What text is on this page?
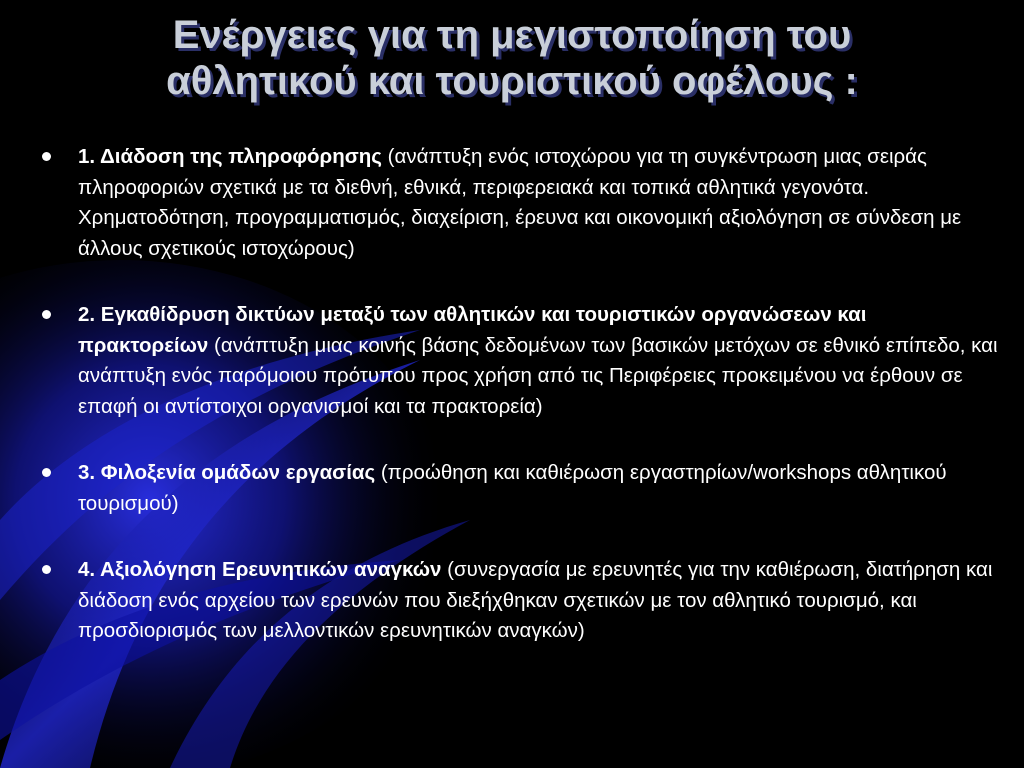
Ενέργειες για τη μεγιστοποίηση του
αθλητικού και τουριστικού οφέλους :
1. Διάδοση της πληροφόρησης (ανάπτυξη ενός ιστοχώρου για τη συγκέντρωση μιας σειράς πληροφοριών σχετικά με τα διεθνή, εθνικά, περιφερειακά και τοπικά αθλητικά γεγονότα. Χρηματοδότηση, προγραμματισμός, διαχείριση, έρευνα και οικονομική αξιολόγηση σε σύνδεση με άλλους σχετικούς ιστοχώρους)
2. Εγκαθίδρυση δικτύων μεταξύ των αθλητικών και τουριστικών οργανώσεων και πρακτορείων (ανάπτυξη μιας κοινής βάσης δεδομένων των βασικών μετόχων σε εθνικό επίπεδο, και ανάπτυξη ενός παρόμοιου πρότυπου προς χρήση από τις Περιφέρειες προκειμένου να έρθουν σε επαφή οι αντίστοιχοι οργανισμοί και τα πρακτορεία)
3. Φιλοξενία ομάδων εργασίας (προώθηση και καθιέρωση εργαστηρίων/workshops αθλητικού τουρισμού)
4. Αξιολόγηση Ερευνητικών αναγκών (συνεργασία με ερευνητές για την καθιέρωση, διατήρηση και διάδοση ενός αρχείου των ερευνών που διεξήχθηκαν σχετικών με τον αθλητικό τουρισμό, και προσδιορισμός των μελλοντικών ερευνητικών αναγκών)
